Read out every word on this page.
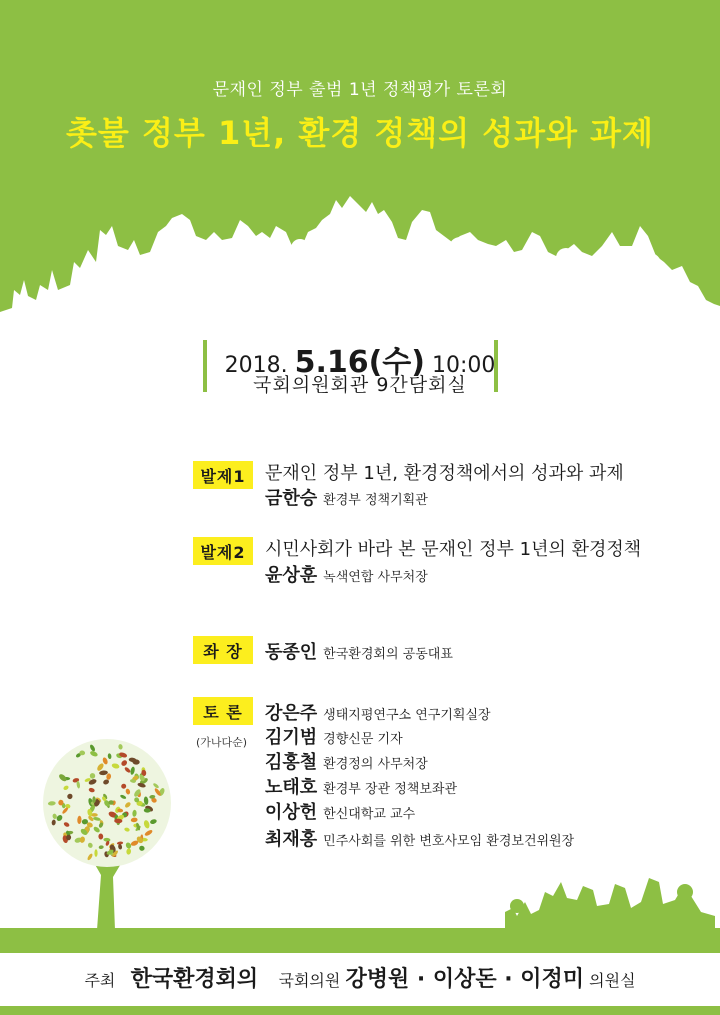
문재인 정부 출범 1년 정책평가 토론회
촛불 정부 1년, 환경 정책의 성과와 과제
2018. 5.16(수) 10:00
국회의원회관 9간담회실
발제1	문재인 정부 1년, 환경정책에서의 성과와 과제
금한승 환경부 정책기획관
발제2	시민사회가 바라 본 문재인 정부 1년의 환경정책
윤상훈 녹색연합 사무처장
좌 장	동종인 한국환경회의 공동대표
토 론
(가나다순)
강은주 생태지평연구소 연구기획실장
김기범 경향신문 기자
김홍철 환경정의 사무처장
노태호 환경부 장관 정책보좌관
이상헌 한신대학교 교수
최재홍 민주사회를 위한 변호사모임 환경보건위원장
주최 한국환경회의 국회의원 강병원 · 이상돈 · 이정미 의원실
